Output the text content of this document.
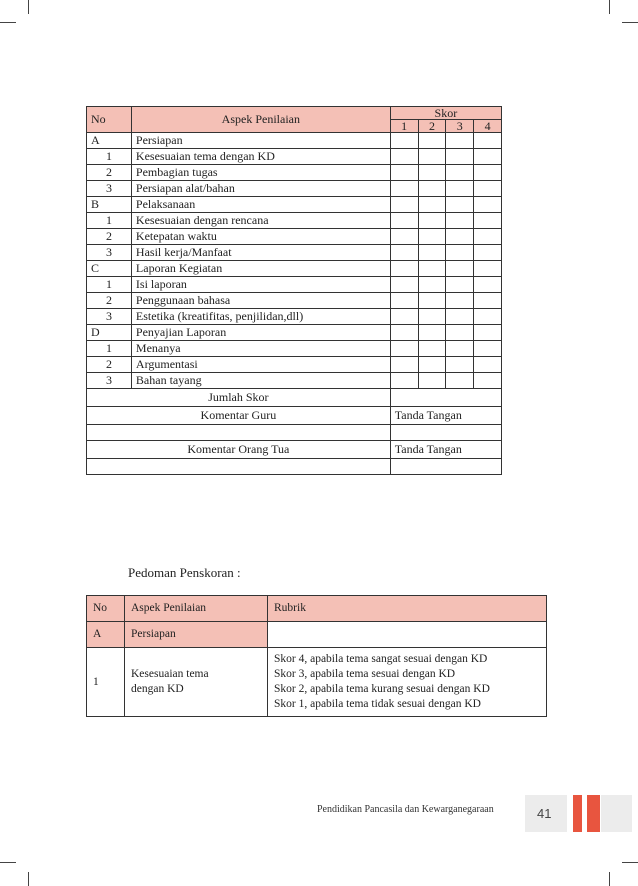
No	Aspek Penilaian	Skor			
		1	2	3	4
A	Persiapan				
1	Kesesuaian tema dengan KD				
2	Pembagian tugas				
3	Persiapan alat/bahan				
B	Pelaksanaan				
1	Kesesuaian dengan rencana				
2	Ketepatan waktu				
3	Hasil kerja/Manfaat				
C	Laporan Kegiatan				
1	Isi laporan				
2	Penggunaan bahasa				
3	Estetika (kreatifitas, penjilidan,dll)				
D	Penyajian Laporan				
1	Menanya				
2	Argumentasi				
3	Bahan tayang				
Jumlah Skor					
Komentar Guru		Tanda Tangan			

Komentar Orang Tua		Tanda Tangan			

Pedoman Penskoran :
No	Aspek Penilaian	Rubrik
A	Persiapan	
1	Kesesuaian tema
dengan KD	Skor 4, apabila tema sangat sesuai dengan KD
Skor 3, apabila tema sesuai dengan KD
Skor 2, apabila tema kurang sesuai dengan KD
Skor 1, apabila tema tidak sesuai dengan KD
Pendidikan Pancasila dan Kewarganegaraan	41
